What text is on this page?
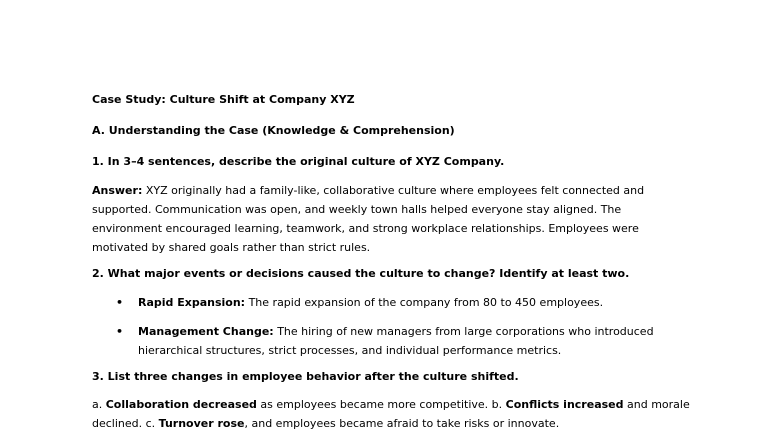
Case Study: Culture Shift at Company XYZ
A. Understanding the Case (Knowledge & Comprehension)
1. In 3–4 sentences, describe the original culture of XYZ Company.
Answer: XYZ originally had a family-like, collaborative culture where employees felt connected and supported. Communication was open, and weekly town halls helped everyone stay aligned. The environment encouraged learning, teamwork, and strong workplace relationships. Employees were motivated by shared goals rather than strict rules.
2. What major events or decisions caused the culture to change? Identify at least two.
• Rapid Expansion: The rapid expansion of the company from 80 to 450 employees.
• Management Change: The hiring of new managers from large corporations who introduced hierarchical structures, strict processes, and individual performance metrics.
3. List three changes in employee behavior after the culture shifted.
a. Collaboration decreased as employees became more competitive. b. Conflicts increased and morale declined. c. Turnover rose, and employees became afraid to take risks or innovate.
